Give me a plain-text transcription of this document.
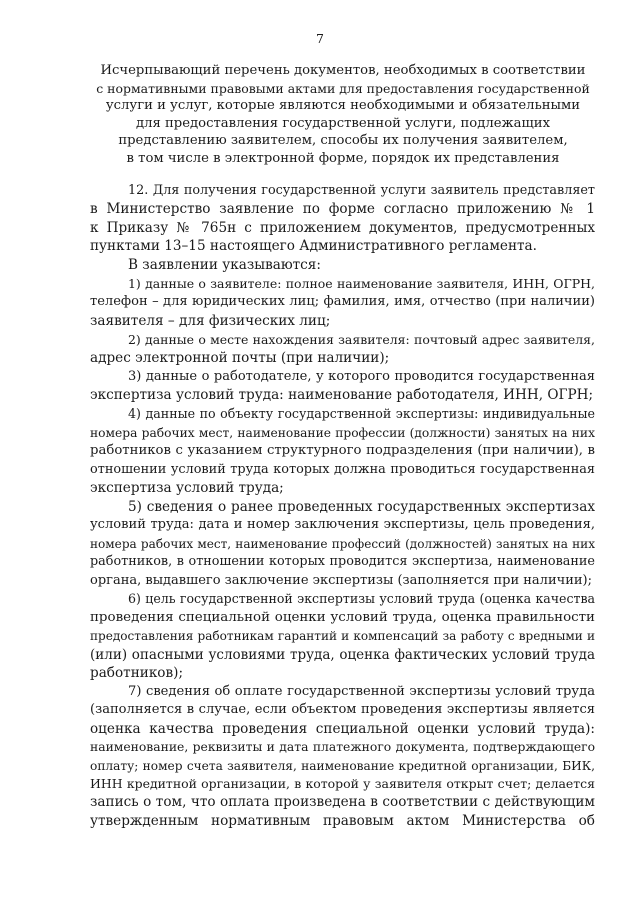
7
Исчерпывающий перечень документов, необходимых в соответствии
с нормативными правовыми актами для предоставления государственной
услуги и услуг, которые являются необходимыми и обязательными
для предоставления государственной услуги, подлежащих
представлению заявителем, способы их получения заявителем,
в том числе в электронной форме, порядок их представления
12. Для получения государственной услуги заявитель представляет
в Министерство заявление по форме согласно приложению № 1
к Приказу № 765н с приложением документов, предусмотренных
пунктами 13–15 настоящего Административного регламента.
В заявлении указываются:
1) данные о заявителе: полное наименование заявителя, ИНН, ОГРН,
телефон – для юридических лиц; фамилия, имя, отчество (при наличии)
заявителя – для физических лиц;
2) данные о месте нахождения заявителя: почтовый адрес заявителя,
адрес электронной почты (при наличии);
3) данные о работодателе, у которого проводится государственная
экспертиза условий труда: наименование работодателя, ИНН, ОГРН;
4) данные по объекту государственной экспертизы: индивидуальные
номера рабочих мест, наименование профессии (должности) занятых на них
работников с указанием структурного подразделения (при наличии), в
отношении условий труда которых должна проводиться государственная
экспертиза условий труда;
5) сведения о ранее проведенных государственных экспертизах
условий труда: дата и номер заключения экспертизы, цель проведения,
номера рабочих мест, наименование профессий (должностей) занятых на них
работников, в отношении которых проводится экспертиза, наименование
органа, выдавшего заключение экспертизы (заполняется при наличии);
6) цель государственной экспертизы условий труда (оценка качества
проведения специальной оценки условий труда, оценка правильности
предоставления работникам гарантий и компенсаций за работу с вредными и
(или) опасными условиями труда, оценка фактических условий труда
работников);
7) сведения об оплате государственной экспертизы условий труда
(заполняется в случае, если объектом проведения экспертизы является
оценка качества проведения специальной оценки условий труда):
наименование, реквизиты и дата платежного документа, подтверждающего
оплату; номер счета заявителя, наименование кредитной организации, БИК,
ИНН кредитной организации, в которой у заявителя открыт счет; делается
запись о том, что оплата произведена в соответствии с действующим
утвержденным нормативным правовым актом Министерства об
